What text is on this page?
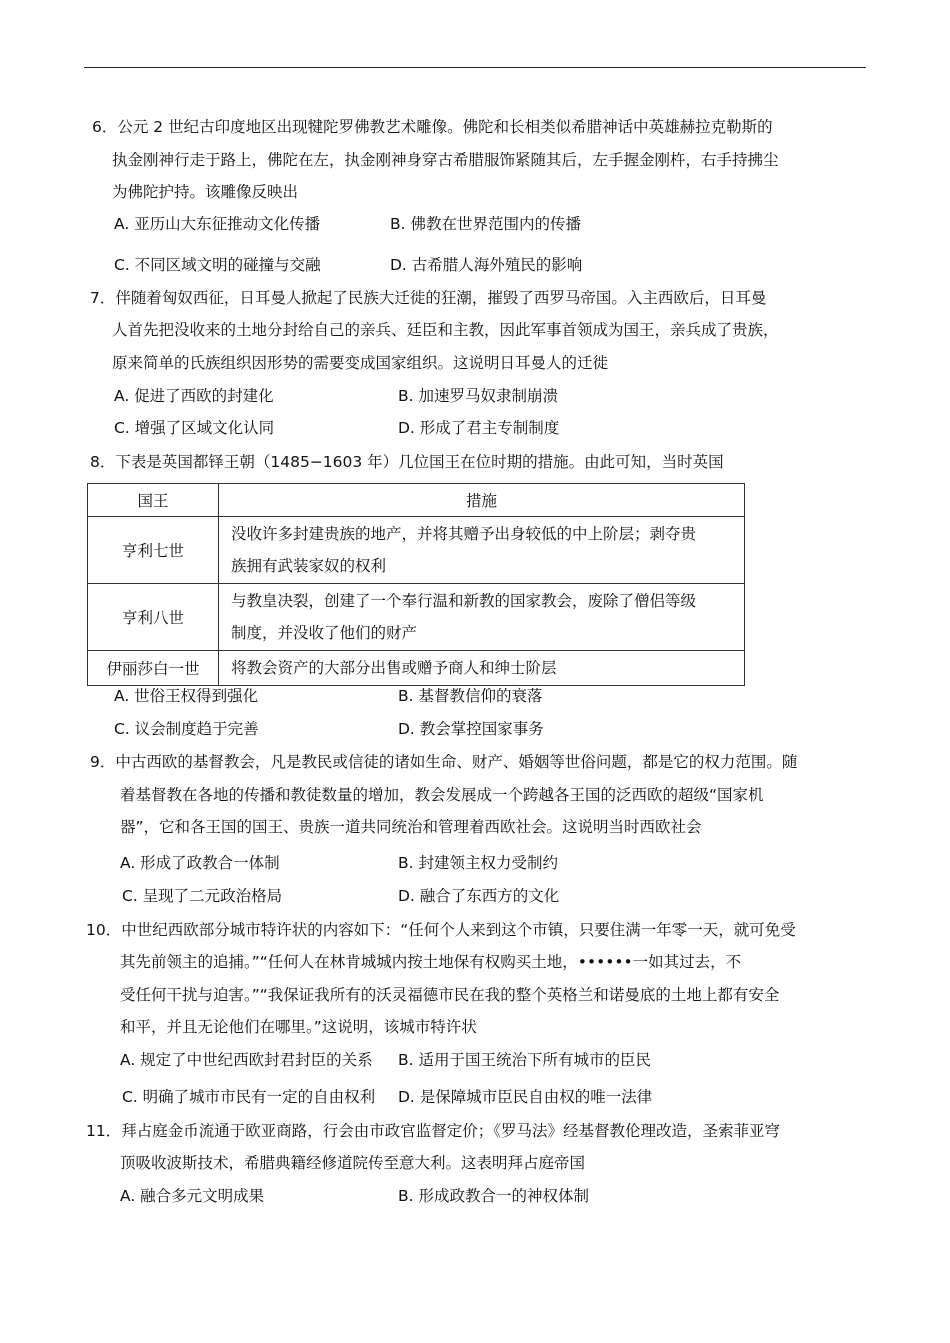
6．公元 2 世纪古印度地区出现犍陀罗佛教艺术雕像。佛陀和长相类似希腊神话中英雄赫拉克勒斯的
执金刚神行走于路上，佛陀在左，执金刚神身穿古希腊服饰紧随其后，左手握金刚杵，右手持拂尘
为佛陀护持。该雕像反映出
A. 亚历山大东征推动文化传播	B. 佛教在世界范围内的传播
C. 不同区域文明的碰撞与交融	D. 古希腊人海外殖民的影响
7．伴随着匈奴西征，日耳曼人掀起了民族大迁徙的狂潮，摧毁了西罗马帝国。入主西欧后，日耳曼
人首先把没收来的土地分封给自己的亲兵、廷臣和主教，因此军事首领成为国王，亲兵成了贵族，
原来简单的氏族组织因形势的需要变成国家组织。这说明日耳曼人的迁徙
A. 促进了西欧的封建化	B. 加速罗马奴隶制崩溃
C. 增强了区域文化认同	D. 形成了君主专制制度
8．下表是英国都铎王朝（1485−1603 年）几位国王在位时期的措施。由此可知，当时英国
国王	措施
亨利七世	没收许多封建贵族的地产，并将其赠予出身较低的中上阶层；剥夺贵
族拥有武装家奴的权利

亨利八世	与教皇决裂，创建了一个奉行温和新教的国家教会，废除了僧侣等级
制度，并没收了他们的财产

伊丽莎白一世	将教会资产的大部分出售或赠予商人和绅士阶层
A. 世俗王权得到强化	B. 基督教信仰的衰落
C. 议会制度趋于完善	D. 教会掌控国家事务
9．中古西欧的基督教会，凡是教民或信徒的诸如生命、财产、婚姻等世俗问题，都是它的权力范围。随
着基督教在各地的传播和教徒数量的增加，教会发展成一个跨越各王国的泛西欧的超级“国家机
器”，它和各王国的国王、贵族一道共同统治和管理着西欧社会。这说明当时西欧社会
A. 形成了政教合一体制	B. 封建领主权力受制约
C. 呈现了二元政治格局	D. 融合了东西方的文化
10．中世纪西欧部分城市特许状的内容如下：“任何个人来到这个市镇，只要住满一年零一天，就可免受
其先前领主的追捕。”“任何人在林肯城城内按土地保有权购买土地，••••••一如其过去，不
受任何干扰与迫害。”“我保证我所有的沃灵福德市民在我的整个英格兰和诺曼底的土地上都有安全
和平，并且无论他们在哪里。”这说明，该城市特许状
A. 规定了中世纪西欧封君封臣的关系 B. 适用于国王统治下所有城市的臣民
C. 明确了城市市民有一定的自由权利 D. 是保障城市臣民自由权的唯一法律
11．拜占庭金币流通于欧亚商路，行会由市政官监督定价；《罗马法》经基督教伦理改造，圣索菲亚穹
顶吸收波斯技术，希腊典籍经修道院传至意大利。这表明拜占庭帝国
A. 融合多元文明成果	B. 形成政教合一的神权体制
